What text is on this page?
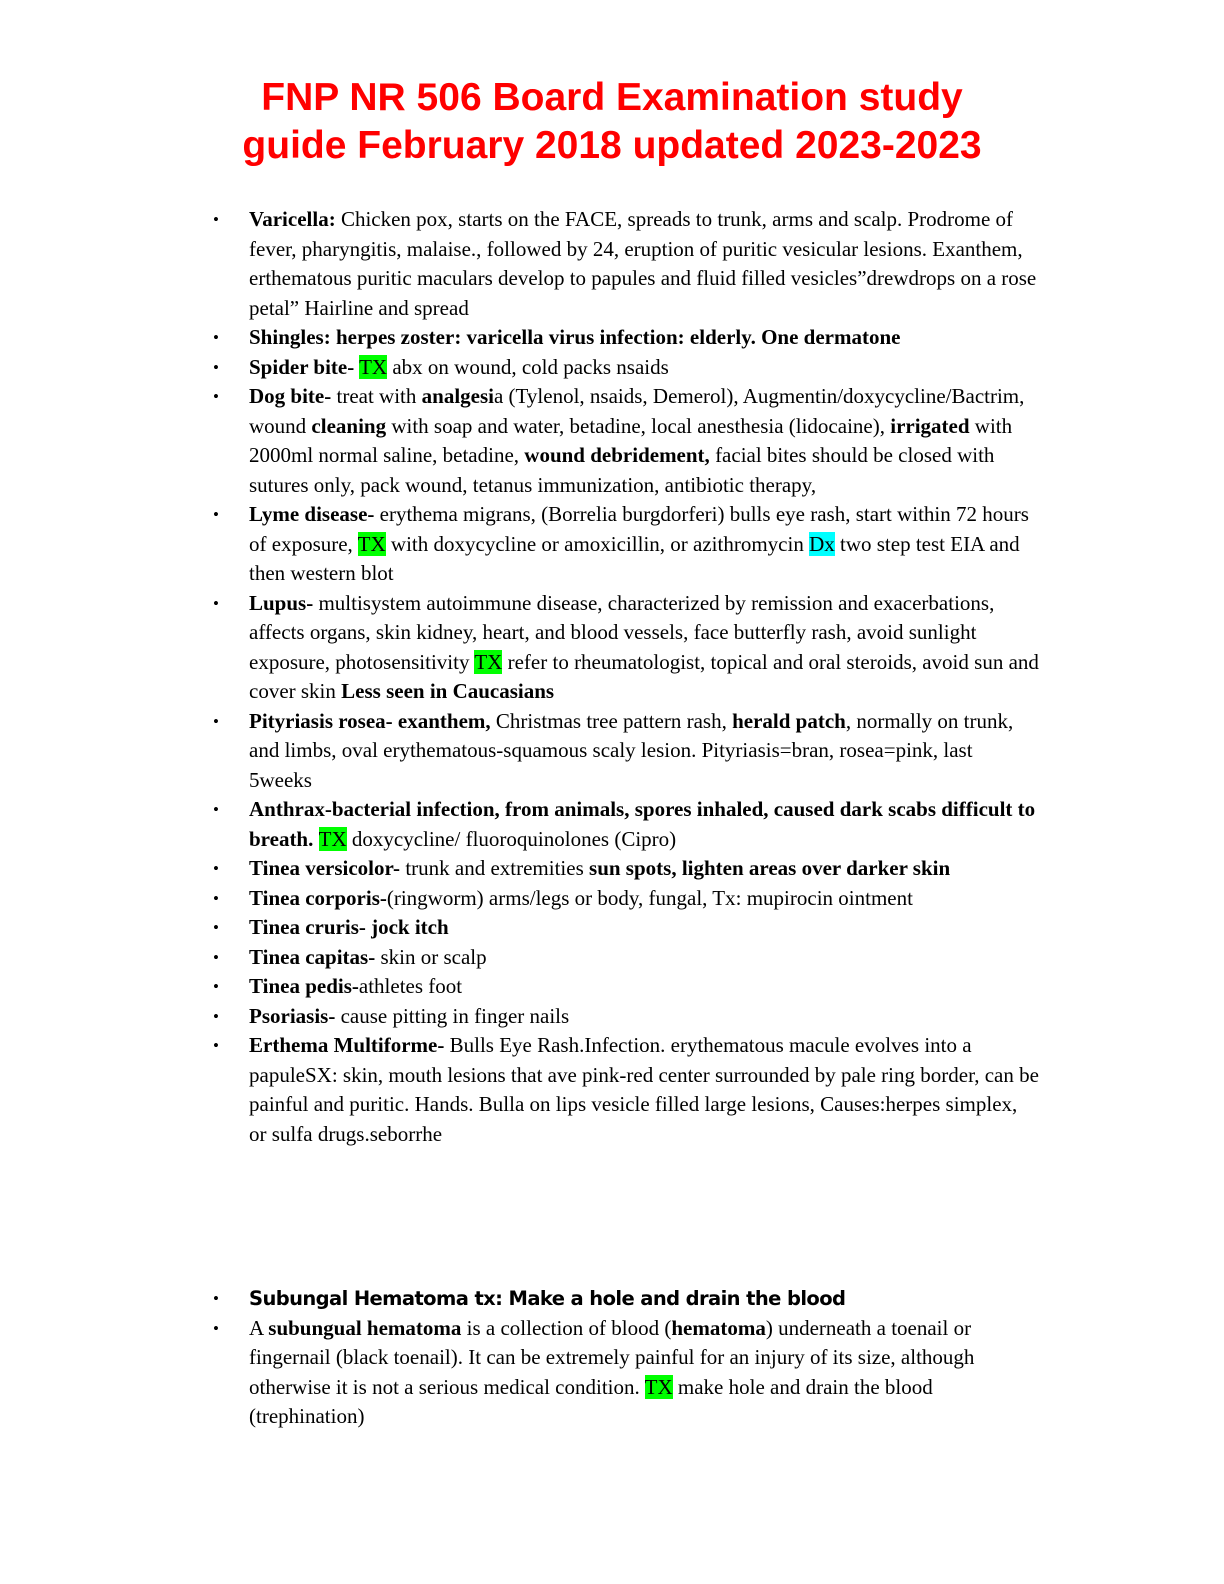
FNP NR 506 Board Examination study
guide February 2018 updated 2023-2023
• Varicella: Chicken pox, starts on the FACE, spreads to trunk, arms and scalp. Prodrome of fever, pharyngitis, malaise., followed by 24, eruption of puritic vesicular lesions. Exanthem, erthematous puritic maculars develop to papules and fluid filled vesicles”drewdrops on a rose petal” Hairline and spread
• Shingles: herpes zoster: varicella virus infection: elderly. One dermatone
• Spider bite- TX abx on wound, cold packs nsaids
• Dog bite- treat with analgesia (Tylenol, nsaids, Demerol), Augmentin/doxycycline/Bactrim, wound cleaning with soap and water, betadine, local anesthesia (lidocaine), irrigated with 2000ml normal saline, betadine, wound debridement, facial bites should be closed with sutures only, pack wound, tetanus immunization, antibiotic therapy,
• Lyme disease- erythema migrans, (Borrelia burgdorferi) bulls eye rash, start within 72 hours of exposure, TX with doxycycline or amoxicillin, or azithromycin Dx two step test EIA and then western blot
• Lupus- multisystem autoimmune disease, characterized by remission and exacerbations, affects organs, skin kidney, heart, and blood vessels, face butterfly rash, avoid sunlight exposure, photosensitivity TX refer to rheumatologist, topical and oral steroids, avoid sun and cover skin Less seen in Caucasians
• Pityriasis rosea- exanthem, Christmas tree pattern rash, herald patch, normally on trunk, and limbs, oval erythematous-squamous scaly lesion. Pityriasis=bran, rosea=pink, last 5weeks
• Anthrax-bacterial infection, from animals, spores inhaled, caused dark scabs difficult to breath. TX doxycycline/ fluoroquinolones (Cipro)
• Tinea versicolor- trunk and extremities sun spots, lighten areas over darker skin
• Tinea corporis-(ringworm) arms/legs or body, fungal, Tx: mupirocin ointment
• Tinea cruris- jock itch
• Tinea capitas- skin or scalp
• Tinea pedis-athletes foot
• Psoriasis- cause pitting in finger nails
• Erthema Multiforme- Bulls Eye Rash.Infection. erythematous macule evolves into a papuleSX: skin, mouth lesions that ave pink-red center surrounded by pale ring border, can be painful and puritic. Hands. Bulla on lips vesicle filled large lesions, Causes:herpes simplex, or sulfa drugs.seborrhe
• Subungal Hematoma tx: Make a hole and drain the blood
• A subungual hematoma is a collection of blood (hematoma) underneath a toenail or fingernail (black toenail). It can be extremely painful for an injury of its size, although otherwise it is not a serious medical condition. TX make hole and drain the blood (trephination)
